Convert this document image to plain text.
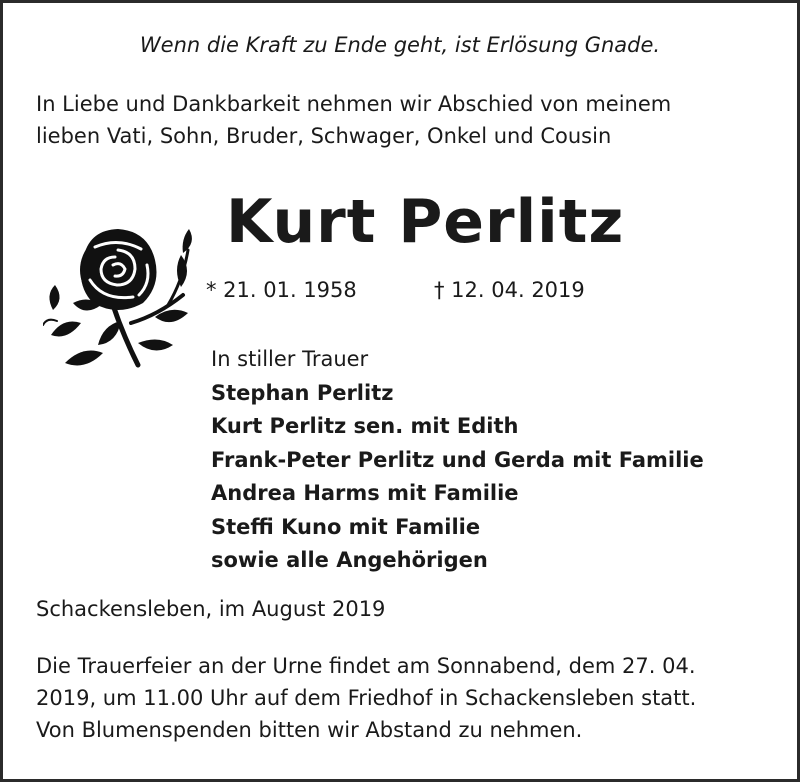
Wenn die Kraft zu Ende geht, ist Erlösung Gnade.
In Liebe und Dankbarkeit nehmen wir Abschied von meinem
lieben Vati, Sohn, Bruder, Schwager, Onkel und Cousin
Kurt Perlitz
* 21. 01. 1958	† 12. 04. 2019
In stiller Trauer
Stephan Perlitz
Kurt Perlitz sen. mit Edith
Frank-Peter Perlitz und Gerda mit Familie
Andrea Harms mit Familie
Steffi Kuno mit Familie
sowie alle Angehörigen
Schackensleben, im August 2019
Die Trauerfeier an der Urne findet am Sonnabend, dem 27. 04.
2019, um 11.00 Uhr auf dem Friedhof in Schackensleben statt.
Von Blumenspenden bitten wir Abstand zu nehmen.
